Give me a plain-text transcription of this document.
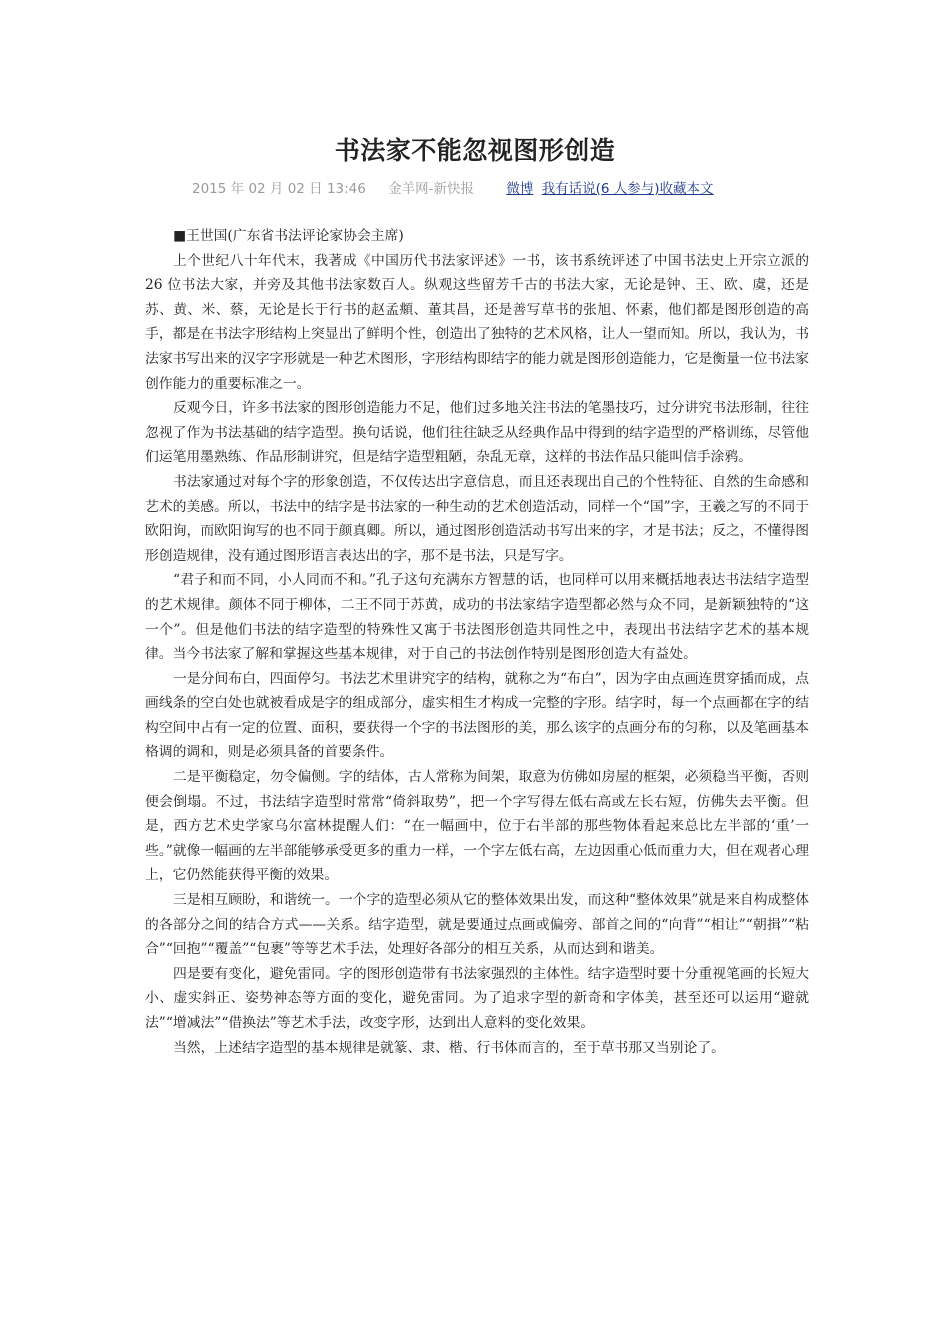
书法家不能忽视图形创造
2015 年 02 月 02 日 13:46 金羊网-新快报 微博 我有话说(6 人参与)收藏本文

■王世国(广东省书法评论家协会主席)

上个世纪八十年代末，我著成《中国历代书法家评述》一书，该书系统评述了中国书法史上开宗立派的 26 位书法大家，并旁及其他书法家数百人。纵观这些留芳千古的书法大家，无论是钟、王、欧、虞，还是苏、黄、米、蔡，无论是长于行书的赵孟頫、董其昌，还是善写草书的张旭、怀素，他们都是图形创造的高手，都是在书法字形结构上突显出了鲜明个性，创造出了独特的艺术风格，让人一望而知。所以，我认为，书法家书写出来的汉字字形就是一种艺术图形，字形结构即结字的能力就是图形创造能力，它是衡量一位书法家创作能力的重要标准之一。

反观今日，许多书法家的图形创造能力不足，他们过多地关注书法的笔墨技巧，过分讲究书法形制，往往忽视了作为书法基础的结字造型。换句话说，他们往往缺乏从经典作品中得到的结字造型的严格训练，尽管他们运笔用墨熟练、作品形制讲究，但是结字造型粗陋，杂乱无章，这样的书法作品只能叫信手涂鸦。

书法家通过对每个字的形象创造，不仅传达出字意信息，而且还表现出自己的个性特征、自然的生命感和艺术的美感。所以，书法中的结字是书法家的一种生动的艺术创造活动，同样一个“国”字，王羲之写的不同于欧阳询，而欧阳询写的也不同于颜真卿。所以，通过图形创造活动书写出来的字，才是书法；反之，不懂得图形创造规律，没有通过图形语言表达出的字，那不是书法，只是写字。

“君子和而不同，小人同而不和。”孔子这句充满东方智慧的话，也同样可以用来概括地表达书法结字造型的艺术规律。颜体不同于柳体，二王不同于苏黄，成功的书法家结字造型都必然与众不同，是新颖独特的“这一个”。但是他们书法的结字造型的特殊性又寓于书法图形创造共同性之中，表现出书法结字艺术的基本规律。当今书法家了解和掌握这些基本规律，对于自己的书法创作特别是图形创造大有益处。

一是分间布白，四面停匀。书法艺术里讲究字的结构，就称之为“布白”，因为字由点画连贯穿插而成，点画线条的空白处也就被看成是字的组成部分，虚实相生才构成一完整的字形。结字时，每一个点画都在字的结构空间中占有一定的位置、面积，要获得一个字的书法图形的美，那么该字的点画分布的匀称，以及笔画基本格调的调和，则是必须具备的首要条件。

二是平衡稳定，勿令偏侧。字的结体，古人常称为间架，取意为仿佛如房屋的框架，必须稳当平衡，否则便会倒塌。不过，书法结字造型时常常“倚斜取势”，把一个字写得左低右高或左长右短，仿佛失去平衡。但是，西方艺术史学家乌尔富林提醒人们：“在一幅画中，位于右半部的那些物体看起来总比左半部的‘重’一些。”就像一幅画的左半部能够承受更多的重力一样，一个字左低右高，左边因重心低而重力大，但在观者心理上，它仍然能获得平衡的效果。

三是相互顾盼，和谐统一。一个字的造型必须从它的整体效果出发，而这种“整体效果”就是来自构成整体的各部分之间的结合方式——关系。结字造型，就是要通过点画或偏旁、部首之间的“向背”“相让”“朝揖”“粘合”“回抱”“覆盖”“包裹”等等艺术手法，处理好各部分的相互关系，从而达到和谐美。

四是要有变化，避免雷同。字的图形创造带有书法家强烈的主体性。结字造型时要十分重视笔画的长短大小、虚实斜正、姿势神态等方面的变化，避免雷同。为了追求字型的新奇和字体美，甚至还可以运用“避就法”“增减法”“借换法”等艺术手法，改变字形，达到出人意料的变化效果。

当然，上述结字造型的基本规律是就篆、隶、楷、行书体而言的，至于草书那又当别论了。
